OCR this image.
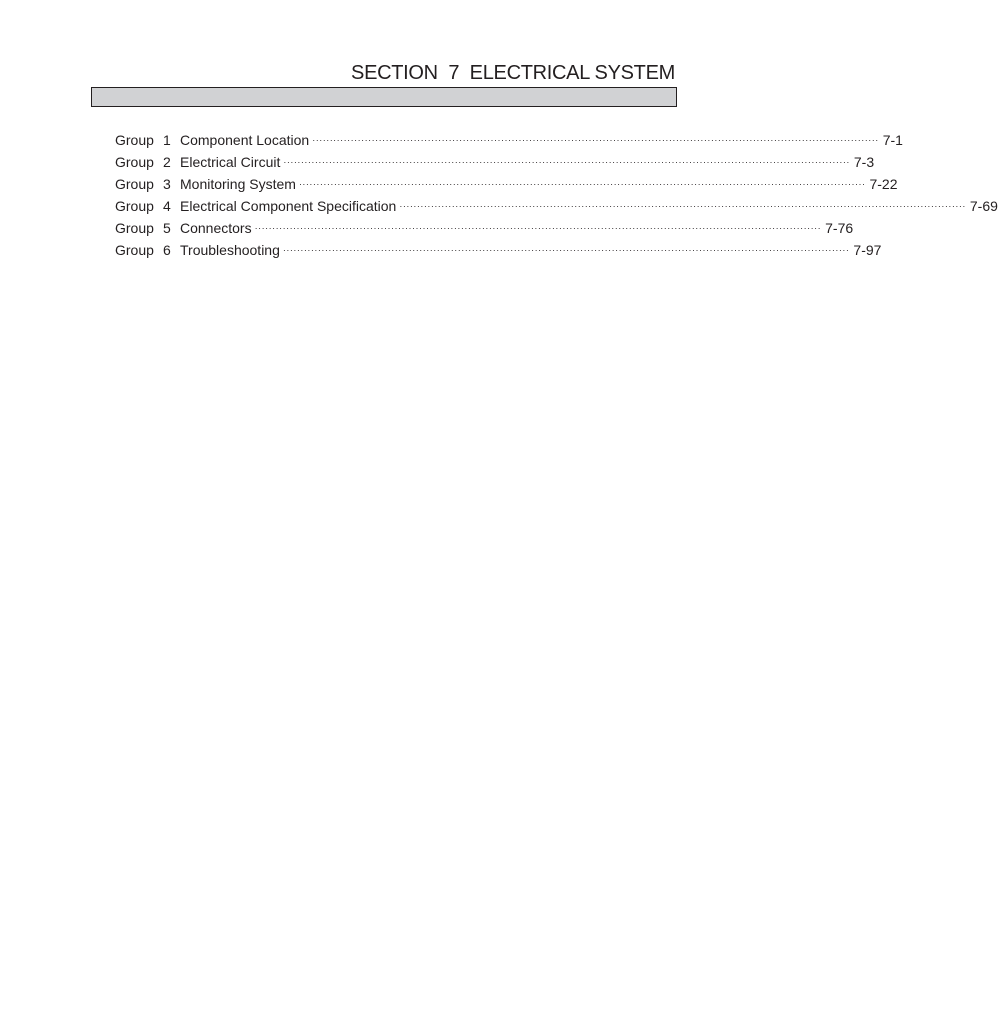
SECTION  7  ELECTRICAL SYSTEM
Group 1 Component Location ·································································································································································· 7-1
Group 2 Electrical Circuit ·································································································································································· 7-3
Group 3 Monitoring System ·································································································································································· 7-22
Group 4 Electrical Component Specification ·································································································································································· 7-69
Group 5 Connectors ·································································································································································· 7-76
Group 6 Troubleshooting ·································································································································································· 7-97
